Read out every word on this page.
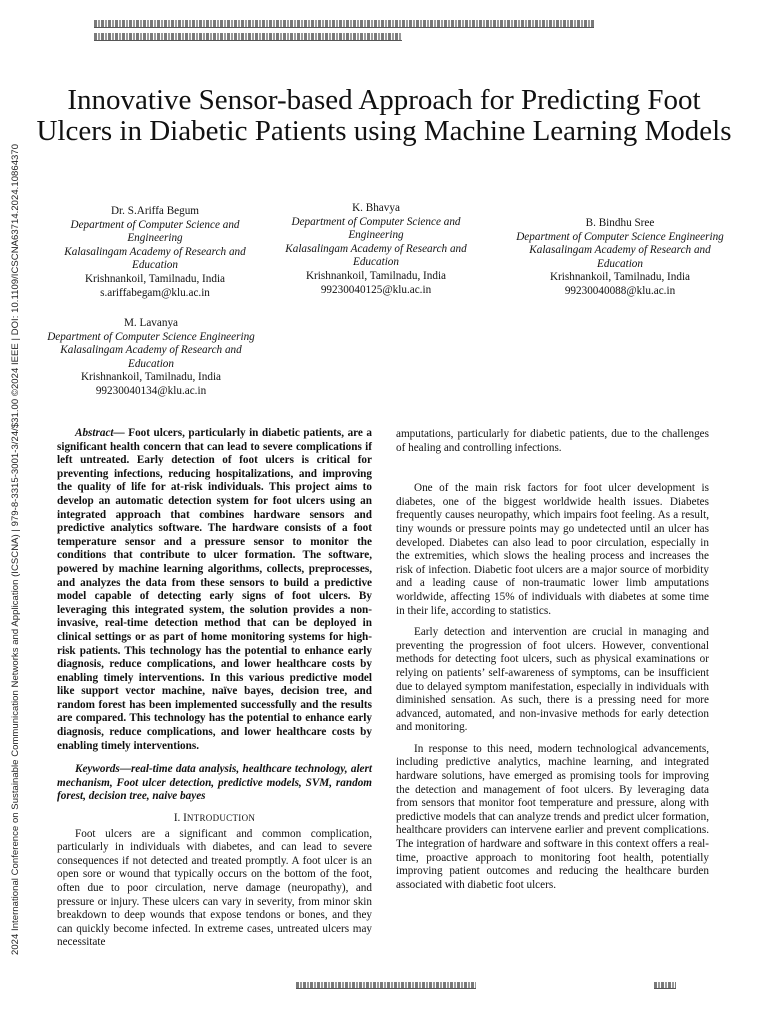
2024 International Conference on Sustainable Communication Networks and Application (ICSCNA) | 979-8-3315-3001-3/24/$31.00 ©2024 IEEE | DOI: 10.1109/ICSCNA63714.2024.10864370
Innovative Sensor-based Approach for Predicting Foot Ulcers in Diabetic Patients using Machine Learning Models
Dr. S.Ariffa Begum
Department of Computer Science and Engineering
Kalasalingam Academy of Research and Education
Krishnankoil, Tamilnadu, India
s.ariffabegam@klu.ac.in
K. Bhavya
Department of Computer Science and Engineering
Kalasalingam Academy of Research and Education
Krishnankoil, Tamilnadu, India
99230040125@klu.ac.in
B. Bindhu Sree
Department of Computer Science Engineering
Kalasalingam Academy of Research and Education
Krishnankoil, Tamilnadu, India
99230040088@klu.ac.in
M. Lavanya
Department of Computer Science Engineering
Kalasalingam Academy of Research and Education
Krishnankoil, Tamilnadu, India
99230040134@klu.ac.in

Abstract— Foot ulcers, particularly in diabetic patients, are a significant health concern that can lead to severe complications if left untreated. Early detection of foot ulcers is critical for preventing infections, reducing hospitalizations, and improving the quality of life for at-risk individuals. This project aims to develop an automatic detection system for foot ulcers using an integrated approach that combines hardware sensors and predictive analytics software. The hardware consists of a foot temperature sensor and a pressure sensor to monitor the conditions that contribute to ulcer formation. The software, powered by machine learning algorithms, collects, preprocesses, and analyzes the data from these sensors to build a predictive model capable of detecting early signs of foot ulcers. By leveraging this integrated system, the solution provides a non-invasive, real-time detection method that can be deployed in clinical settings or as part of home monitoring systems for high-risk patients. This technology has the potential to enhance early diagnosis, reduce complications, and lower healthcare costs by enabling timely interventions. In this various predictive model like support vector machine, naïve bayes, decision tree, and random forest has been implemented successfully and the results are compared. This technology has the potential to enhance early diagnosis, reduce complications, and lower healthcare costs by enabling timely interventions.

Keywords—real-time data analysis, healthcare technology, alert mechanism, Foot ulcer detection, predictive models, SVM, random forest, decision tree, naive bayes

I. INTRODUCTION

Foot ulcers are a significant and common complication, particularly in individuals with diabetes, and can lead to severe consequences if not detected and treated promptly. A foot ulcer is an open sore or wound that typically occurs on the bottom of the foot, often due to poor circulation, nerve damage (neuropathy), and pressure or injury. These ulcers can vary in severity, from minor skin breakdown to deep wounds that expose tendons or bones, and they can quickly become infected. In extreme cases, untreated ulcers may necessitate

amputations, particularly for diabetic patients, due to the challenges of healing and controlling infections.

One of the main risk factors for foot ulcer development is diabetes, one of the biggest worldwide health issues. Diabetes frequently causes neuropathy, which impairs foot feeling. As a result, tiny wounds or pressure points may go undetected until an ulcer has developed. Diabetes can also lead to poor circulation, especially in the extremities, which slows the healing process and increases the risk of infection. Diabetic foot ulcers are a major source of morbidity and a leading cause of non-traumatic lower limb amputations worldwide, affecting 15% of individuals with diabetes at some time in their life, according to statistics.

Early detection and intervention are crucial in managing and preventing the progression of foot ulcers. However, conventional methods for detecting foot ulcers, such as physical examinations or relying on patients’ self-awareness of symptoms, can be insufficient due to delayed symptom manifestation, especially in individuals with diminished sensation. As such, there is a pressing need for more advanced, automated, and non-invasive methods for early detection and monitoring.

In response to this need, modern technological advancements, including predictive analytics, machine learning, and integrated hardware solutions, have emerged as promising tools for improving the detection and management of foot ulcers. By leveraging data from sensors that monitor foot temperature and pressure, along with predictive models that can analyze trends and predict ulcer formation, healthcare providers can intervene earlier and prevent complications. The integration of hardware and software in this context offers a real-time, proactive approach to monitoring foot health, potentially improving patient outcomes and reducing the healthcare burden associated with diabetic foot ulcers.
